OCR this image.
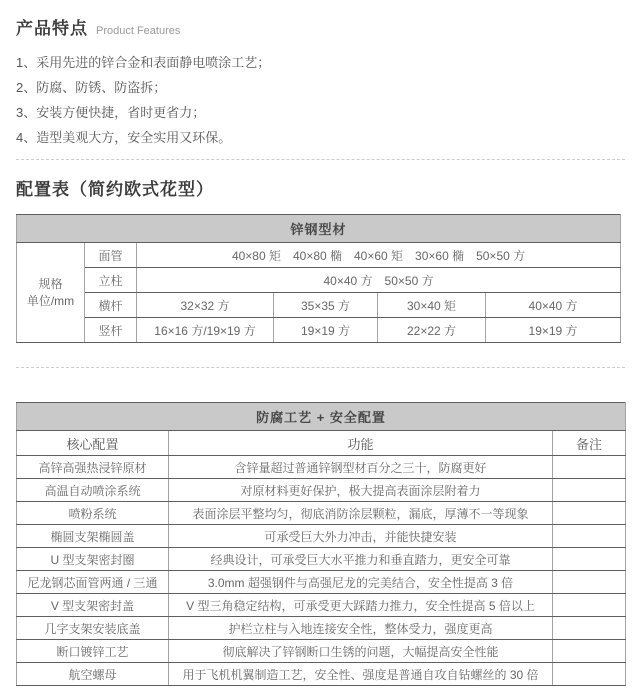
产品特点 Product Features
1、采用先进的锌合金和表面静电喷涂工艺；
2、防腐、防锈、防盗拆；
3、安装方便快捷，省时更省力；
4、造型美观大方，安全实用又环保。
配置表（简约欧式花型）
锌钢型材					

规格
单位/mm	面管	40×80 矩　40×80 椭　40×60 矩　30×60 椭　50×50 方			
	立柱	40×40 方　50×50 方			
	横杆	32×32 方	35×35 方	30×40 矩	40×40 方
	竖杆	16×16 方/19×19 方	19×19 方	22×22 方	19×19 方
防腐工艺 + 安全配置		
核心配置	功能	备注
高锌高强热浸锌原材	含锌量超过普通锌钢型材百分之三十，防腐更好	
高温自动喷涂系统	对原材料更好保护，极大提高表面涂层附着力	
喷粉系统	表面涂层平整均匀，彻底消防涂层颗粒，漏底，厚薄不一等现象	
椭圆支架椭圆盖	可承受巨大外力冲击，并能快捷安装	
U 型支架密封圈	经典设计，可承受巨大水平推力和垂直踏力，更安全可靠	
尼龙钢芯面管两通 / 三通	3.0mm 超强钢件与高强尼龙的完美结合，安全性提高 3 倍	
V 型支架密封盖	V 型三角稳定结构，可承受更大踩踏力推力，安全性提高 5 倍以上	
几字支架安装底盖	护栏立柱与入地连接安全性，整体受力，强度更高	
断口镀锌工艺	彻底解决了锌钢断口生锈的问题，大幅提高安全性能	
航空螺母	用于飞机机翼制造工艺，安全性、强度是普通自攻自钻螺丝的 30 倍	
